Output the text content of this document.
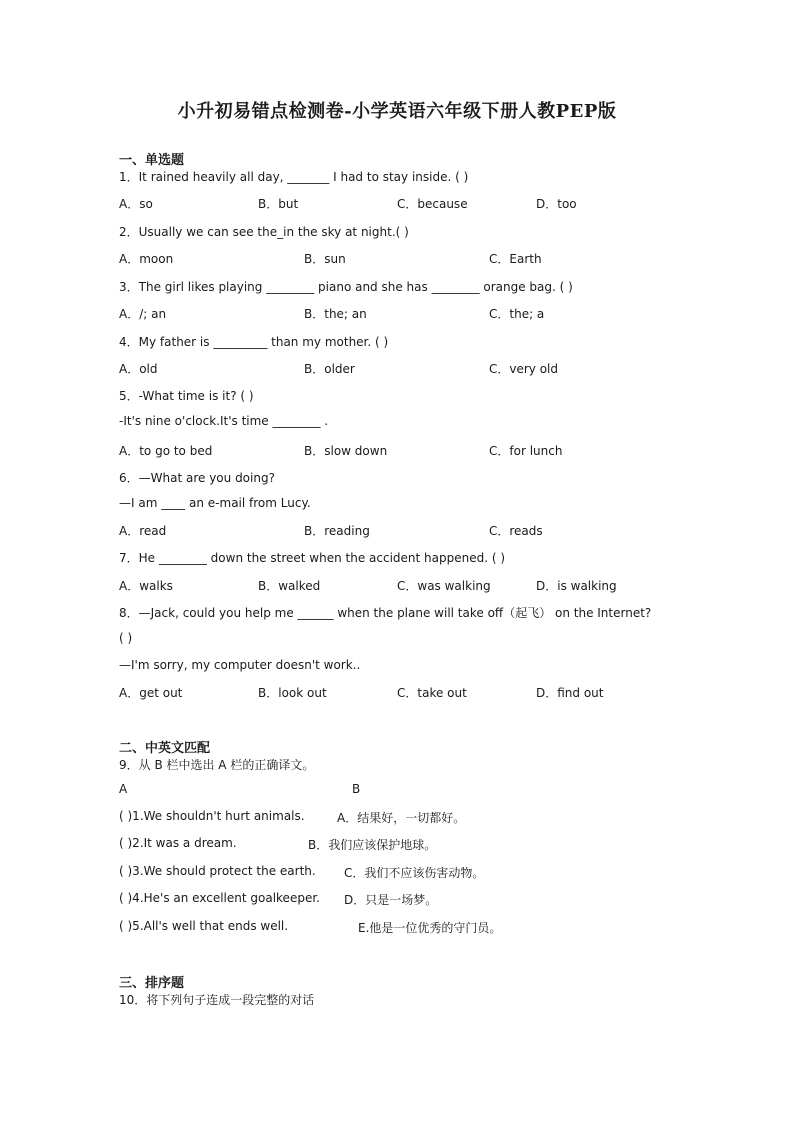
小升初易错点检测卷-小学英语六年级下册人教PEP版
一、单选题
1．It rained heavily all day, _______ I had to stay inside. ( )
A．so	B．but	C．because	D．too
2．Usually we can see the_in the sky at night.( )
A．moon	B．sun	C．Earth
3．The girl likes playing ________ piano and she has ________ orange bag. ( )
A．/; an	B．the; an	C．the; a
4．My father is _________ than my mother. ( )
A．old	B．older	C．very old
5．-What time is it? ( )
-It's nine o'clock.It's time ________ .
A．to go to bed	B．slow down	C．for lunch
6．—What are you doing?
—I am ____ an e-mail from Lucy.
A．read	B．reading	C．reads
7．He ________ down the street when the accident happened. ( )
A．walks	B．walked	C．was walking	D．is walking
8．—Jack, could you help me ______ when the plane will take off（起飞） on the Internet?
( )
—I'm sorry, my computer doesn't work..
A．get out	B．look out	C．take out	D．find out
二、中英文匹配
9．从 B 栏中选出 A 栏的正确译文。
A	B
( )1.We shouldn't hurt animals.	A．结果好，一切都好。
( )2.It was a dream.	B．我们应该保护地球。
( )3.We should protect the earth. C．我们不应该伤害动物。
( )4.He's an excellent goalkeeper. D．只是一场梦。
( )5.All's well that ends well.	E.他是一位优秀的守门员。
三、排序题
10．将下列句子连成一段完整的对话
